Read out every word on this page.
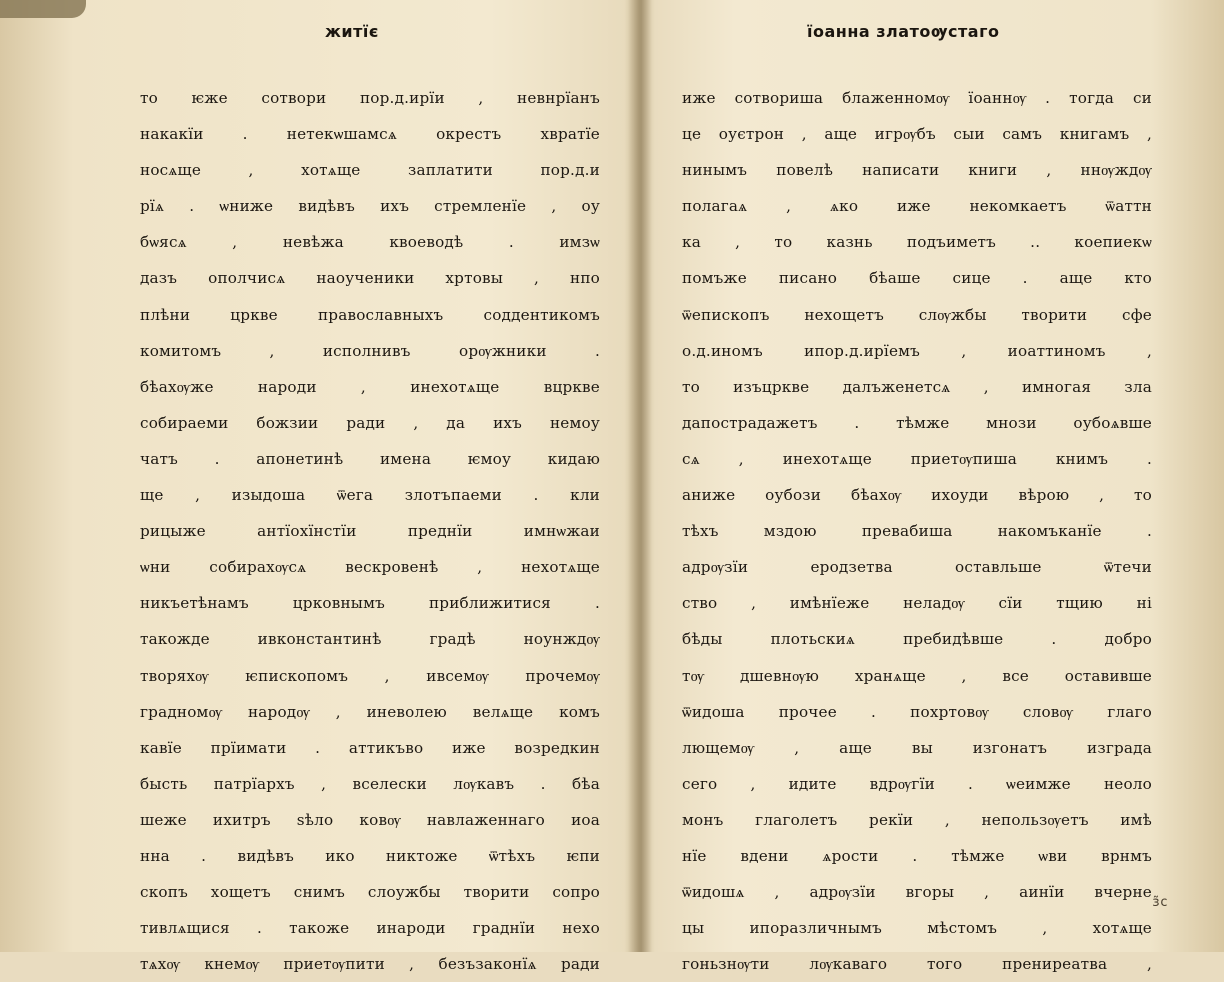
житїє
то ѥже сотвори пор.д.ирїи , невнрїанъ
накакїи . нетекѡшамсѧ окрестъ хвратїе
носѧще , хотѧще заплатити пор.д.и
рїѧ . ѡниже видѣвъ ихъ стремленїе , оу
бѡясѧ , невѣжа квоеводѣ . имзѡ
дазъ ополчисѧ наоученики хртовы , нпо
плѣни цркве православныхъ соддентикомъ
комитомъ , исполнивъ орѹжники .
бѣахѹже народи , инехотѧще вцркве
собираеми божзии ради , да ихъ немоу
чатъ . апонетинѣ имена ѥмоу кидаю
ще , изыдоша ѿега злотъпаеми . кли
рицыже антїохїнстїи преднїи имнѡжаи
ѡни собирахѹсѧ вескровенѣ , нехотѧще
никъетѣнамъ црковнымъ приближитися .
такожде ивконстантинѣ градѣ ноунждѹ
творяхѹ ѥпископомъ , ивсемѹ прочемѹ
градномѹ народѹ , иневолею велѧще комъ
кавїе прїимати . аттикъво иже возредкин
бысть патрїархъ , вселески лѹкавъ . бѣа
шеже ихитръ ѕѣло ковѹ навлаженнаго иоа
нна . видѣвъ ико никтоже ѿтѣхъ ѥпи
скопъ хощетъ снимъ слоужбы творити сопро
тивлѧщися . такоже инароди граднїи нехо
тѧхѹ кнемѹ приетѹпити , безъзаконїѧ ради
їоанна златоѹстаго
иже сотвориша блаженномѹ їоаннѹ . тогда си
це оуєтрон , аще игрѹбъ сыи самъ книгамъ ,
нинымъ повелѣ написати книги , ннѹждѹ
полагаѧ , ѧко иже некомкаетъ ѿаттн
ка , то казнь подъиметъ .. коепиекѡ
помъже писано бѣаше сице . аще кто
ѿепископъ нехощетъ слѹжбы творити сфе
о.д.иномъ ипор.д.ирїемъ , иоаттиномъ ,
то изъцркве далъженетсѧ , имногая зла
дапострадажетъ . тѣмже мнози оубоѧвше
сѧ , инехотѧще приетѹпиша книмъ .
аниже оубози бѣахѹ ихоуди вѣрою , то
тѣхъ мздою превабиша накомъканїе .
адрѹзїи еродзетва оставльше ѿтечи
ство , имѣнїеже неладѹ сїи тщию ні
бѣды плотьскиѧ пребидѣвше . добро
тѹ дшевнѹю хранѧще , все оставивше
ѿидоша прочее . похртовѹ словѹ глаго
лющемѹ , аще вы изгонатъ изграда
сего , идите вдрѹгїи . ѡеимже неоло
монъ глаголетъ рекїи , непользѹетъ имѣ
нїе вдени ѧрости . тѣмже ѡви врнмъ
ѿидошѧ , адрѹзїи вгоры , аинїи вчерне
цы ипоразличнымъ мѣстомъ , хотѧще
гоньзнѹти лѹкаваго того прениреатва ,
з̃с
